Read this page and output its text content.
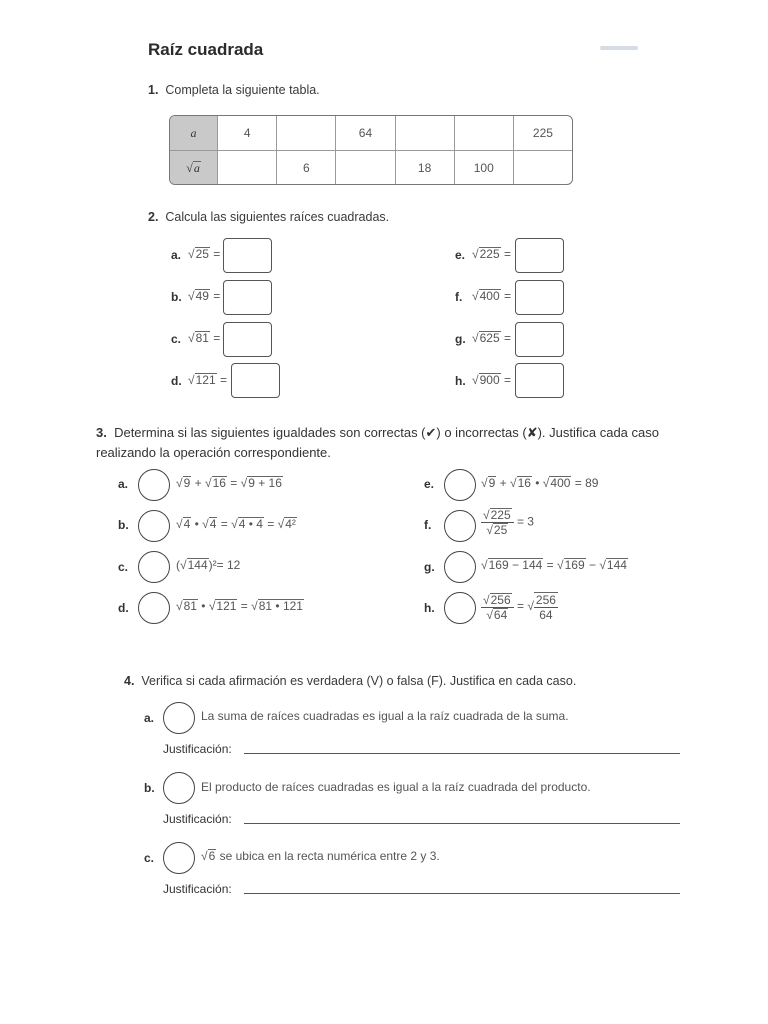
Raíz cuadrada
1. Completa la siguiente tabla.
a	4		64			225
√a		6		18	100	
2. Calcula las siguientes raíces cuadradas.
a. √25 =
b. √49 =
c. √81 =
d. √121 =
e. √225 =
f. √400 =
g. √625 =
h. √900 =
3. Determina si las siguientes igualdades son correctas (✔) o incorrectas (✘). Justifica cada caso realizando la operación correspondiente.
a.	√9 + √16 = √9 + 16
b.	√4 • √4 = √4 • 4 = √4²
c.	(√144)²= 12
d.	√81 • √121 = √81 • 121
e.	√9 + √16 • √400 = 89
f.	$\frac{√225}{√25} = 3$
g.	√169 − 144 = √169 − √144
h.	$\frac{√256}{√64}$ = √ $\frac{256}{64}$
4. Verifica si cada afirmación es verdadera (V) o falsa (F). Justifica en cada caso.
a.	La suma de raíces cuadradas es igual a la raíz cuadrada de la suma.
Justificación:
b.	El producto de raíces cuadradas es igual a la raíz cuadrada del producto.
Justificación:
c.	√6 se ubica en la recta numérica entre 2 y 3.
Justificación:
